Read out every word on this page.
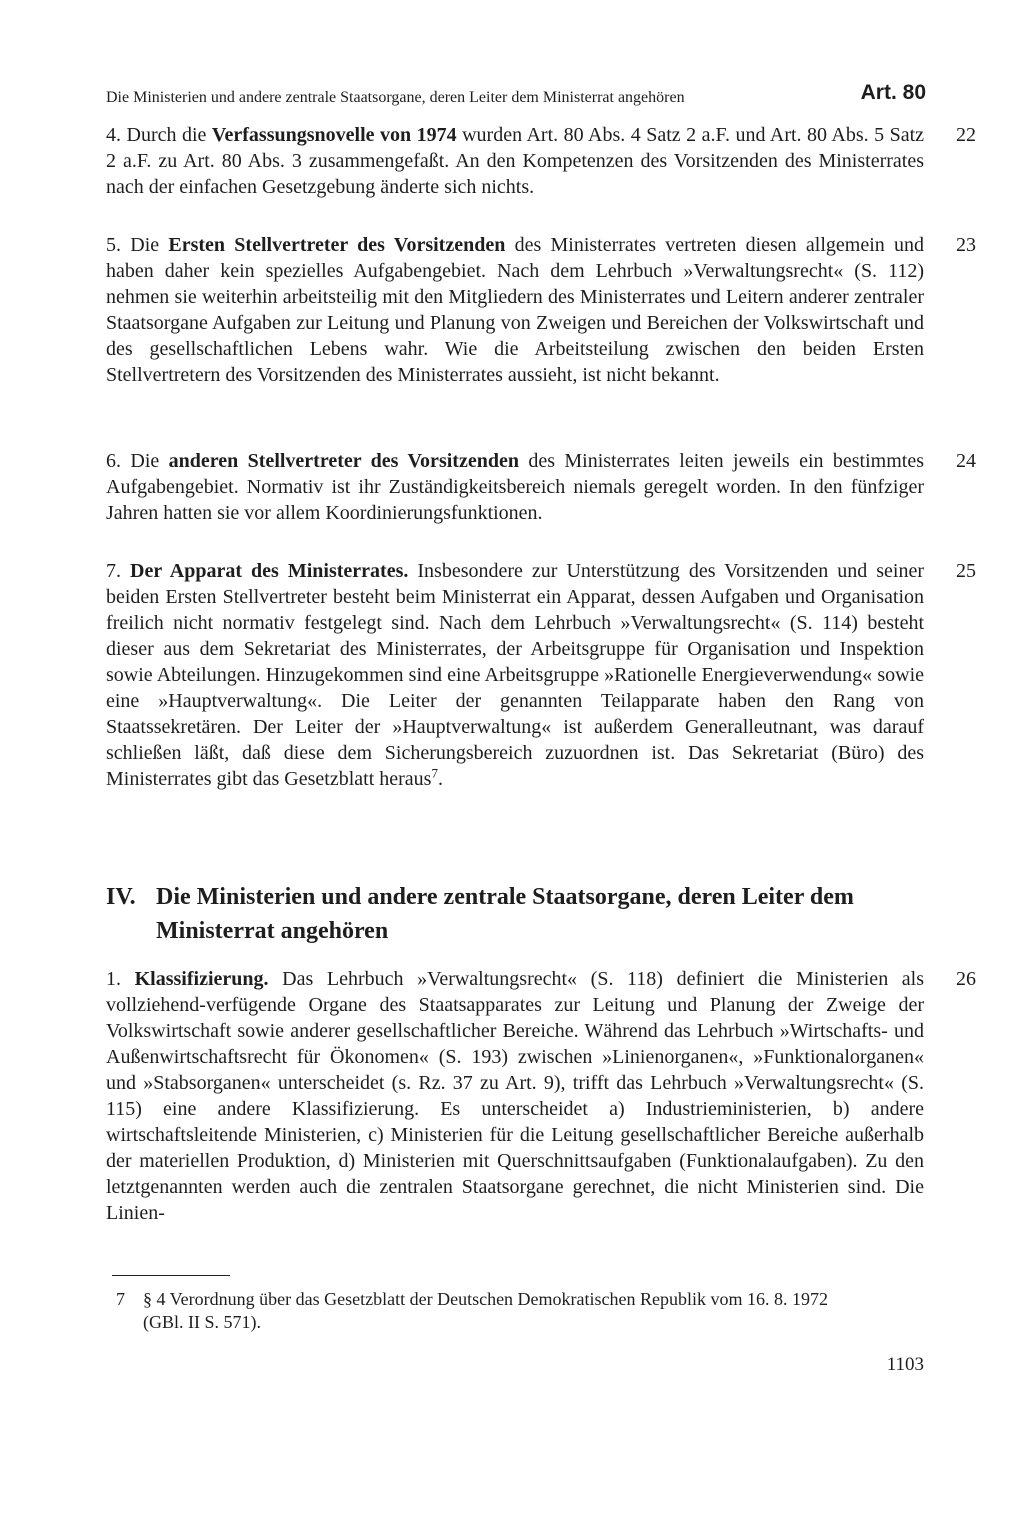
Die Ministerien und andere zentrale Staatsorgane, deren Leiter dem Ministerrat angehören	Art. 80
4. Durch die Verfassungsnovelle von 1974 wurden Art. 80 Abs. 4 Satz 2 a.F. und Art. 80 Abs. 5 Satz 2 a.F. zu Art. 80 Abs. 3 zusammengefaßt. An den Kompetenzen des Vorsitzenden des Ministerrates nach der einfachen Gesetzgebung änderte sich nichts.
22
5. Die Ersten Stellvertreter des Vorsitzenden des Ministerrates vertreten diesen allgemein und haben daher kein spezielles Aufgabengebiet. Nach dem Lehrbuch »Verwaltungsrecht« (S. 112) nehmen sie weiterhin arbeitsteilig mit den Mitgliedern des Ministerrates und Leitern anderer zentraler Staatsorgane Aufgaben zur Leitung und Planung von Zweigen und Bereichen der Volkswirtschaft und des gesellschaftlichen Lebens wahr. Wie die Arbeitsteilung zwischen den beiden Ersten Stellvertretern des Vorsitzenden des Ministerrates aussieht, ist nicht bekannt.
23
6. Die anderen Stellvertreter des Vorsitzenden des Ministerrates leiten jeweils ein bestimmtes Aufgabengebiet. Normativ ist ihr Zuständigkeitsbereich niemals geregelt worden. In den fünfziger Jahren hatten sie vor allem Koordinierungsfunktionen.
24
7. Der Apparat des Ministerrates. Insbesondere zur Unterstützung des Vorsitzenden und seiner beiden Ersten Stellvertreter besteht beim Ministerrat ein Apparat, dessen Aufgaben und Organisation freilich nicht normativ festgelegt sind. Nach dem Lehrbuch »Verwaltungsrecht« (S. 114) besteht dieser aus dem Sekretariat des Ministerrates, der Arbeitsgruppe für Organisation und Inspektion sowie Abteilungen. Hinzugekommen sind eine Arbeitsgruppe »Rationelle Energieverwendung« sowie eine »Hauptverwaltung«. Die Leiter der genannten Teilapparate haben den Rang von Staatssekretären. Der Leiter der »Hauptverwaltung« ist außerdem Generalleutnant, was darauf schließen läßt, daß diese dem Sicherungsbereich zuzuordnen ist. Das Sekretariat (Büro) des Ministerrates gibt das Gesetzblatt heraus$^7$.
25
IV. Die Ministerien und andere zentrale Staatsorgane, deren Leiter dem
Ministerrat angehören
1. Klassifizierung. Das Lehrbuch »Verwaltungsrecht« (S. 118) definiert die Ministerien als vollziehend-verfügende Organe des Staatsapparates zur Leitung und Planung der Zweige der Volkswirtschaft sowie anderer gesellschaftlicher Bereiche. Während das Lehrbuch »Wirtschafts- und Außenwirtschaftsrecht für Ökonomen« (S. 193) zwischen »Linienorganen«, »Funktionalorganen« und »Stabsorganen« unterscheidet (s. Rz. 37 zu Art. 9), trifft das Lehrbuch »Verwaltungsrecht« (S. 115) eine andere Klassifizierung. Es unterscheidet a) Industrieministerien, b) andere wirtschaftsleitende Ministerien, c) Ministerien für die Leitung gesellschaftlicher Bereiche außerhalb der materiellen Produktion, d) Ministerien mit Querschnittsaufgaben (Funktionalaufgaben). Zu den letztgenannten werden auch die zentralen Staatsorgane gerechnet, die nicht Ministerien sind. Die Linien-
26
7 § 4 Verordnung über das Gesetzblatt der Deutschen Demokratischen Republik vom 16. 8. 1972
(GBl. II S. 571).
1103
